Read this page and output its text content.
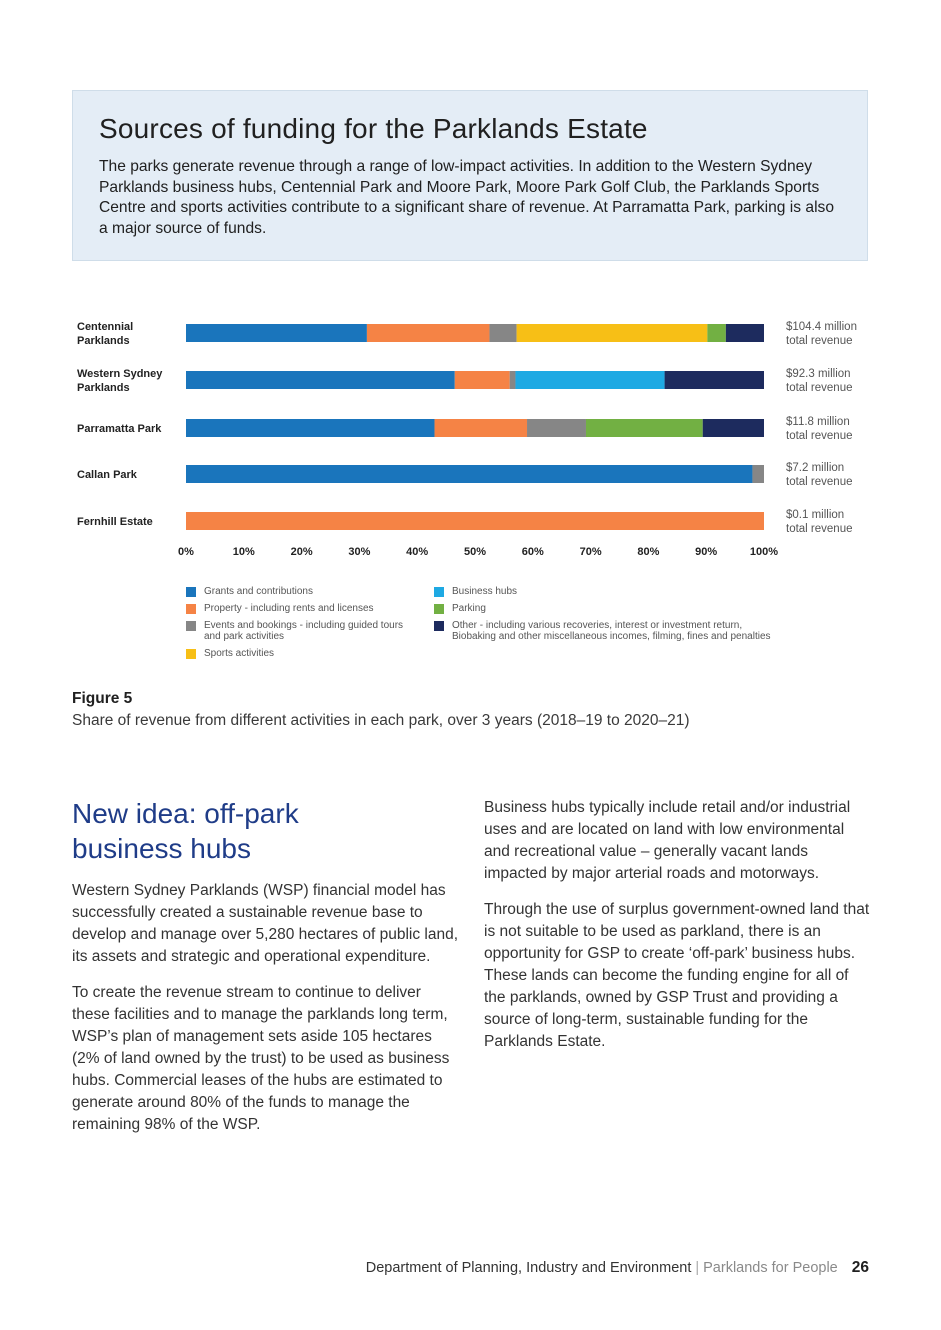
Sources of funding for the Parklands Estate

The parks generate revenue through a range of low-impact activities. In addition to the Western Sydney Parklands business hubs, Centennial Park and Moore Park, Moore Park Golf Club, the Parklands Sports Centre and sports activities contribute to a significant share of revenue. At Parramatta Park, parking is also a major source of funds.

Centennial Parklands
$104.4 million total revenue
Western Sydney Parklands
$92.3 million total revenue
Parramatta Park
$11.8 million total revenue
Callan Park
$7.2 million total revenue
Fernhill Estate
$0.1 million total revenue
0%	10%	20%	30%	40%	50%	60%	70%	80%	90%	100%
Grants and contributions
Property - including rents and licenses
Events and bookings - including guided tours
and park activities
Sports activities
Business hubs
Parking
Other - including various recoveries, interest or investment return,
Biobaking and other miscellaneous incomes, filming, fines and penalties
Figure 5
Share of revenue from different activities in each park, over 3 years (2018–19 to 2020–21)
New idea: off-park business hubs

Western Sydney Parklands (WSP) financial model has successfully created a sustainable revenue base to develop and manage over 5,280 hectares of public land, its assets and strategic and operational expenditure.

To create the revenue stream to continue to deliver these facilities and to manage the parklands long term, WSP’s plan of management sets aside 105 hectares (2% of land owned by the trust) to be used as business hubs. Commercial leases of the hubs are estimated to generate around 80% of the funds to manage the remaining 98% of the WSP.

Business hubs typically include retail and/or industrial uses and are located on land with low environmental and recreational value – generally vacant lands impacted by major arterial roads and motorways.

Through the use of surplus government-owned land that is not suitable to be used as parkland, there is an opportunity for GSP to create ‘off-park’ business hubs. These lands can become the funding engine for all of the parklands, owned by GSP Trust and providing a source of long-term, sustainable funding for the Parklands Estate.

Department of Planning, Industry and Environment | Parklands for People 26
